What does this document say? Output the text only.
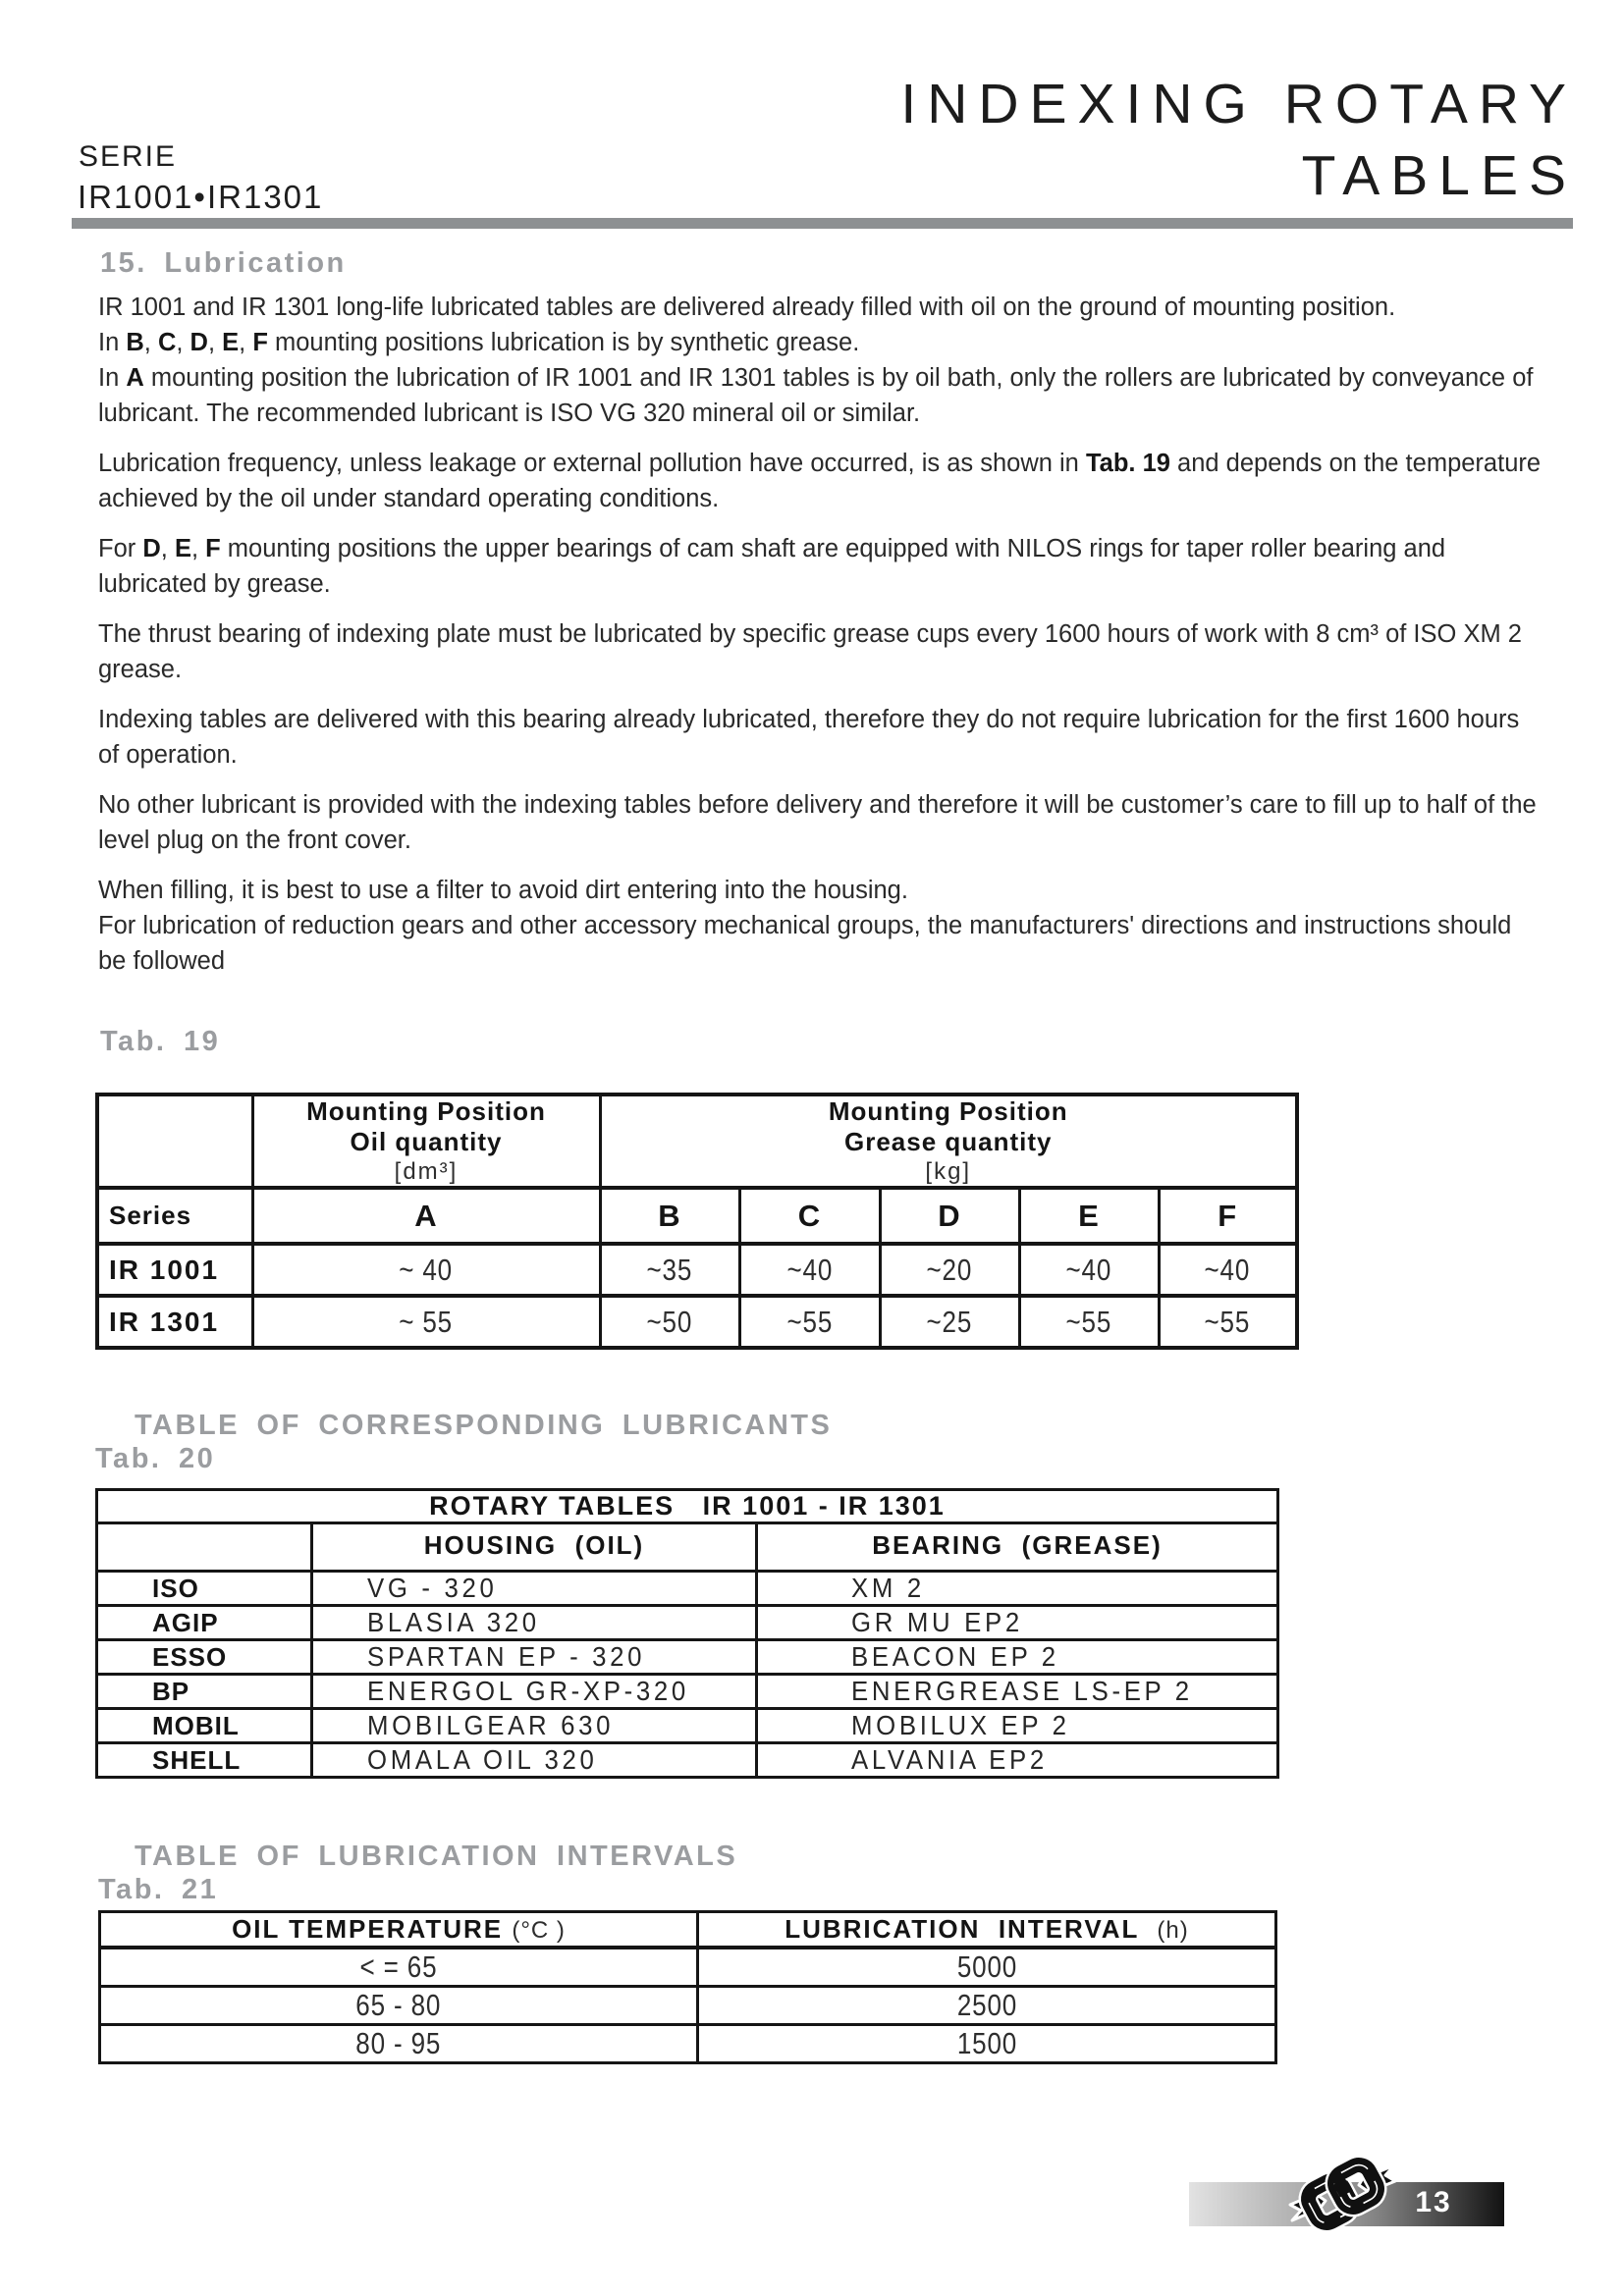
INDEXING ROTARY
TABLES
SERIE
IR1001•IR1301
15. Lubrication

IR 1001 and IR 1301 long-life lubricated tables are delivered already filled with oil on the ground of mounting position.
In B, C, D, E, F mounting positions lubrication is by synthetic grease.
In A mounting position the lubrication of IR 1001 and IR 1301 tables is by oil bath, only the rollers are lubricated by conveyance of lubricant. The recommended lubricant is ISO VG 320 mineral oil or similar.

Lubrication frequency, unless leakage or external pollution have occurred, is as shown in Tab. 19 and depends on the temperature achieved by the oil under standard operating conditions.

For D, E, F mounting positions the upper bearings of cam shaft are equipped with NILOS rings for taper roller bearing and lubricated by grease.

The thrust bearing of indexing plate must be lubricated by specific grease cups every 1600 hours of work with 8 cm³ of ISO XM 2 grease.

Indexing tables are delivered with this bearing already lubricated, therefore they do not require lubrication for the first 1600 hours of operation.

No other lubricant is provided with the indexing tables before delivery and therefore it will be customer’s care to fill up to half of the level plug on the front cover.

When filling, it is best to use a filter to avoid dirt entering into the housing.
For lubrication of reduction gears and other accessory mechanical groups, the manufacturers' directions and instructions should be followed

Tab. 19

Mounting Position
Oil quantity
[dm³]

Mounting Position
Grease quantity
[kg]

Series	A	B	C	D	E	F
IR 1001	~ 40	~35	~40	~20	~40	~40
IR 1301	~ 55	~50	~55	~25	~55	~55
TABLE OF CORRESPONDING LUBRICANTS
Tab. 20
ROTARY TABLES   IR 1001 - IR 1301		
	HOUSING  (OIL)	BEARING  (GREASE)
ISO	VG - 320	XM 2
AGIP	BLASIA 320	GR MU EP2
ESSO	SPARTAN EP - 320	BEACON EP 2
BP	ENERGOL GR-XP-320	ENERGREASE LS-EP 2
MOBIL	MOBILGEAR 630	MOBILUX EP 2
SHELL	OMALA OIL 320	ALVANIA EP2
TABLE OF LUBRICATION INTERVALS
Tab. 21
OIL TEMPERATURE (°C )	LUBRICATION  INTERVAL  (h)
< = 65	5000
65 - 80	2500
80 - 95	1500
13
